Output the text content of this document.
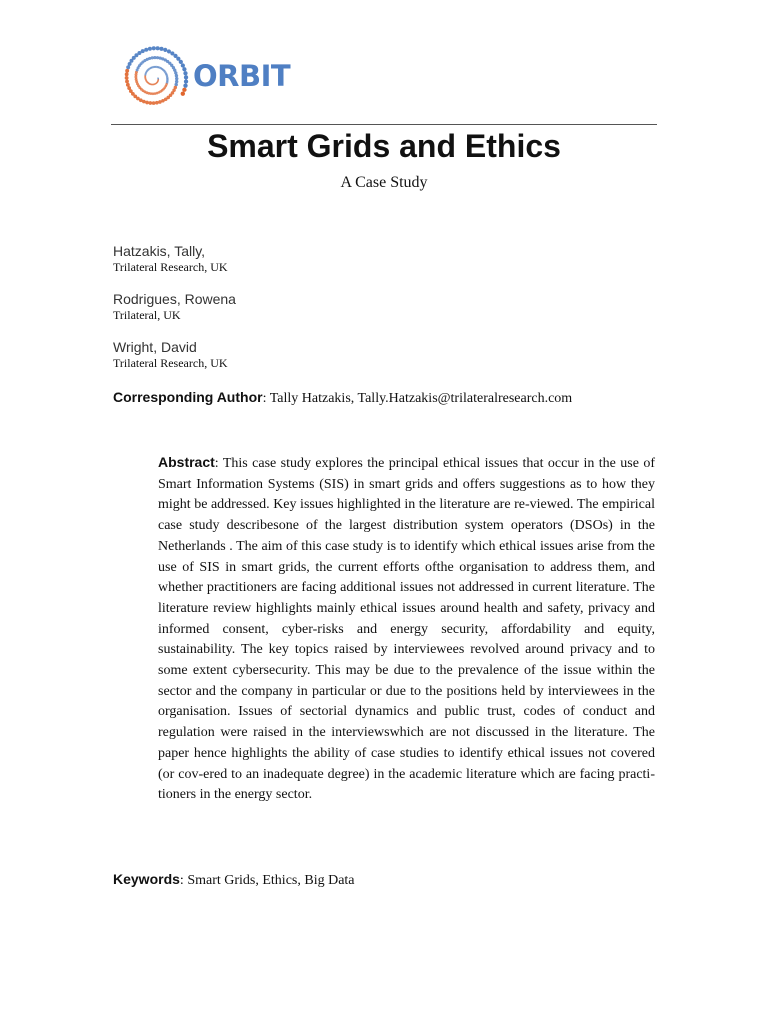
ORBIT
Smart Grids and Ethics
A Case Study
Hatzakis, Tally,
Trilateral Research, UK
Rodrigues, Rowena
Trilateral, UK
Wright, David
Trilateral Research, UK
Corresponding Author: Tally Hatzakis, Tally.Hatzakis@trilateralresearch.com
Abstract: This case study explores the principal ethical issues that occur in the use of Smart Information Systems (SIS) in smart grids and offers suggestions as to how they might be addressed. Key issues highlighted in the literature are re-viewed. The empirical case study describesone of the largest distribution system operators (DSOs) in the Netherlands . The aim of this case study is to identify which ethical issues arise from the use of SIS in smart grids, the current efforts ofthe organisation to address them, and whether practitioners are facing additional issues not addressed in current literature. The literature review highlights mainly ethical issues around health and safety, privacy and informed consent, cyber-risks and energy security, affordability and equity, sustainability. The key topics raised by interviewees revolved around privacy and to some extent cybersecurity. This may be due to the prevalence of the issue within the sector and the company in particular or due to the positions held by interviewees in the organisation. Issues of sectorial dynamics and public trust, codes of conduct and regulation were raised in the interviewswhich are not discussed in the literature. The paper hence highlights the ability of case studies to identify ethical issues not covered (or cov-ered to an inadequate degree) in the academic literature which are facing practi-tioners in the energy sector.
Keywords: Smart Grids, Ethics, Big Data
